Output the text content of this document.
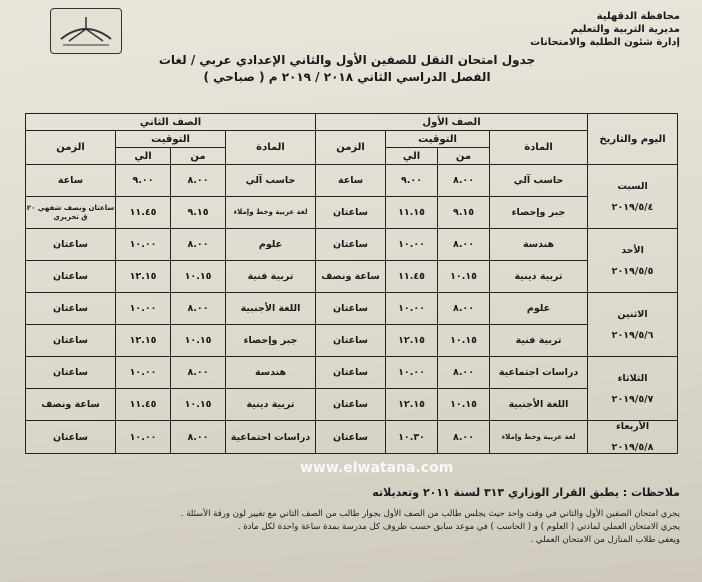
محافظة الدقهلية
مديرية التربية والتعليم
إدارة شئون الطلبة والامتحانات
جدول امتحان النقل للصفين الأول والثاني الإعدادي عربي / لغات
الفصل الدراسي الثاني ٢٠١٨ / ٢٠١٩ م ( صباحي )
اليوم والتاريخ	الصف الأول				الصف الثاني			
	المادة	التوقيت		الزمن	المادة	التوقيت		الزمن
		من	الي			من	الي	

السبت
٢٠١٩/٥/٤	حاسب آلي	٨.٠٠	٩.٠٠	ساعة	حاسب آلي	٨.٠٠	٩.٠٠	ساعة
	جبر وإحصاء	٩.١٥	١١.١٥	ساعتان	لغة عربية وخط وإملاء	٩.١٥	١١.٤٥	ساعتان ونصف شفهي ٢٠ ق تحريري

الأحد
٢٠١٩/٥/٥	هندسة	٨.٠٠	١٠.٠٠	ساعتان	علوم	٨.٠٠	١٠.٠٠	ساعتان
	تربية دينية	١٠.١٥	١١.٤٥	ساعة ونصف	تربية فنية	١٠.١٥	١٢.١٥	ساعتان

الاثنين
٢٠١٩/٥/٦	علوم	٨.٠٠	١٠.٠٠	ساعتان	اللغة الأجنبية	٨.٠٠	١٠.٠٠	ساعتان
	تربية فنية	١٠.١٥	١٢.١٥	ساعتان	جبر وإحصاء	١٠.١٥	١٢.١٥	ساعتان

الثلاثاء
٢٠١٩/٥/٧	دراسات اجتماعية	٨.٠٠	١٠.٠٠	ساعتان	هندسة	٨.٠٠	١٠.٠٠	ساعتان
	اللغة الأجنبية	١٠.١٥	١٢.١٥	ساعتان	تربية دينية	١٠.١٥	١١.٤٥	ساعة ونصف

الأربعاء
٢٠١٩/٥/٨	لغة عربية وخط وإملاء	٨.٠٠	١٠.٣٠	ساعتان	دراسات اجتماعية	٨.٠٠	١٠.٠٠	ساعتان
ملاحظات : يطبق القرار الوزاري ٣١٣ لسنة ٢٠١١ وتعديلاته
يجري امتحان الصفين الأول والثاني في وقت واحد حيث يجلس طالب من الصف الأول بجوار طالب من الصف الثاني مع تغيير لون ورقة الأسئلة .
يجري الامتحان العملي لمادتي ( العلوم ) و ( الحاسب ) في موعد سابق حسب ظروف كل مدرسة بمدة ساعة واحدة لكل مادة .
ويعفى طلاب المنازل من الامتحان العملي .
www.elwatana.com
